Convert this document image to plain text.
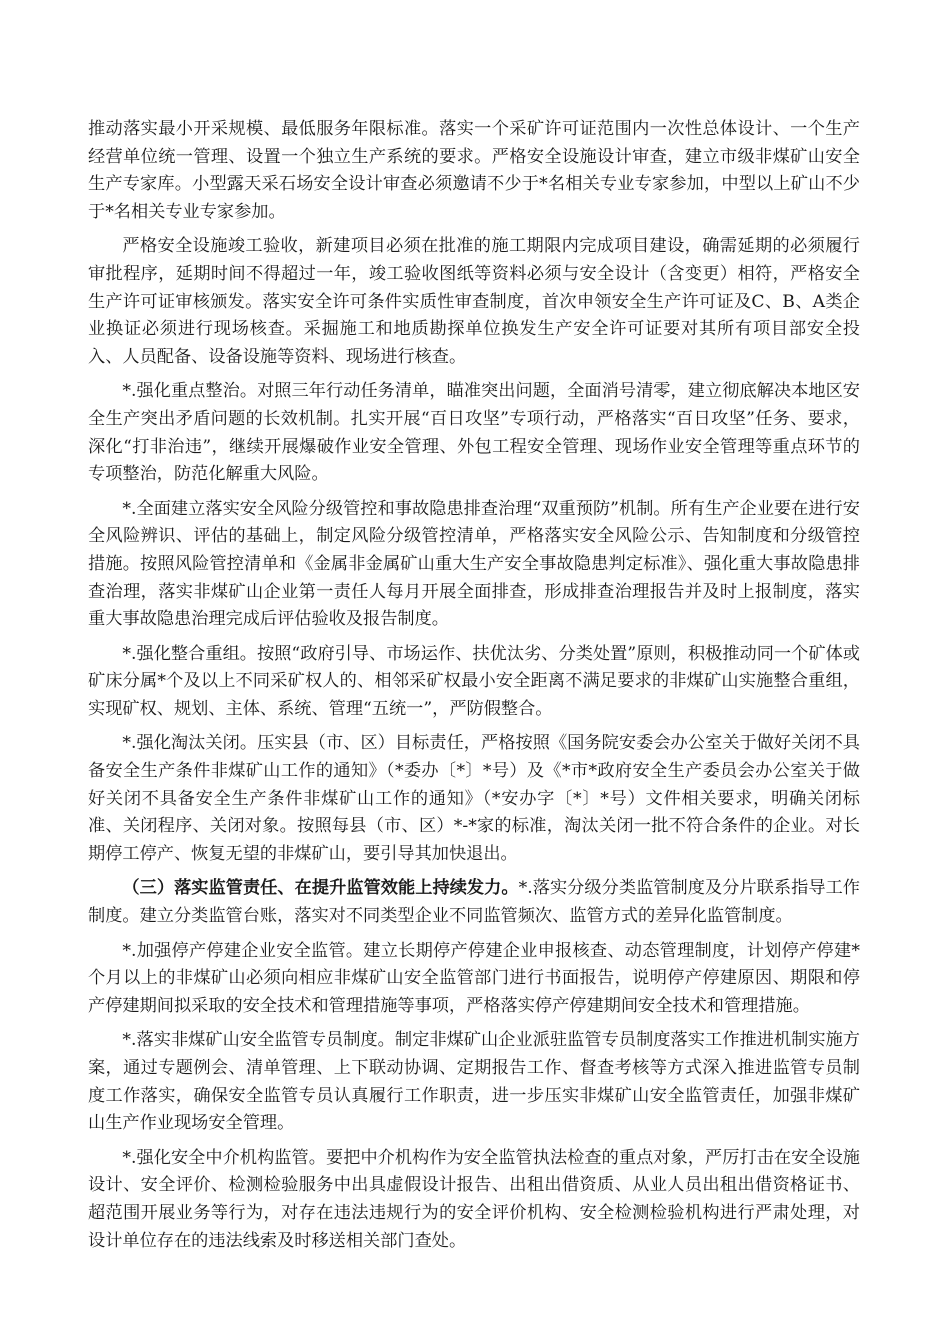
推动落实最小开采规模、最低服务年限标准。落实一个采矿许可证范围内一次性总体设计、一个生产经营单位统一管理、设置一个独立生产系统的要求。严格安全设施设计审查，建立市级非煤矿山安全生产专家库。小型露天采石场安全设计审查必须邀请不少于*名相关专业专家参加，中型以上矿山不少于*名相关专业专家参加。

严格安全设施竣工验收，新建项目必须在批准的施工期限内完成项目建设，确需延期的必须履行审批程序，延期时间不得超过一年，竣工验收图纸等资料必须与安全设计（含变更）相符，严格安全生产许可证审核颁发。落实安全许可条件实质性审查制度，首次申领安全生产许可证及C、B、A类企业换证必须进行现场核查。采掘施工和地质勘探单位换发生产安全许可证要对其所有项目部安全投入、人员配备、设备设施等资料、现场进行核查。

*.强化重点整治。对照三年行动任务清单，瞄准突出问题，全面消号清零，建立彻底解决本地区安全生产突出矛盾问题的长效机制。扎实开展“百日攻坚”专项行动，严格落实“百日攻坚”任务、要求，深化“打非治违”，继续开展爆破作业安全管理、外包工程安全管理、现场作业安全管理等重点环节的专项整治，防范化解重大风险。

*.全面建立落实安全风险分级管控和事故隐患排查治理“双重预防”机制。所有生产企业要在进行安全风险辨识、评估的基础上，制定风险分级管控清单，严格落实安全风险公示、告知制度和分级管控措施。按照风险管控清单和《金属非金属矿山重大生产安全事故隐患判定标准》、强化重大事故隐患排查治理，落实非煤矿山企业第一责任人每月开展全面排查，形成排查治理报告并及时上报制度，落实重大事故隐患治理完成后评估验收及报告制度。

*.强化整合重组。按照“政府引导、市场运作、扶优汰劣、分类处置”原则，积极推动同一个矿体或矿床分属*个及以上不同采矿权人的、相邻采矿权最小安全距离不满足要求的非煤矿山实施整合重组，实现矿权、规划、主体、系统、管理“五统一”，严防假整合。

*.强化淘汰关闭。压实县（市、区）目标责任，严格按照《国务院安委会办公室关于做好关闭不具备安全生产条件非煤矿山工作的通知》（*委办〔*〕*号）及《*市*政府安全生产委员会办公室关于做好关闭不具备安全生产条件非煤矿山工作的通知》（*安办字〔*〕*号）文件相关要求，明确关闭标准、关闭程序、关闭对象。按照每县（市、区）*-*家的标准，淘汰关闭一批不符合条件的企业。对长期停工停产、恢复无望的非煤矿山，要引导其加快退出。

（三）落实监管责任、在提升监管效能上持续发力。*.落实分级分类监管制度及分片联系指导工作制度。建立分类监管台账，落实对不同类型企业不同监管频次、监管方式的差异化监管制度。

*.加强停产停建企业安全监管。建立长期停产停建企业申报核查、动态管理制度，计划停产停建*个月以上的非煤矿山必须向相应非煤矿山安全监管部门进行书面报告，说明停产停建原因、期限和停产停建期间拟采取的安全技术和管理措施等事项，严格落实停产停建期间安全技术和管理措施。

*.落实非煤矿山安全监管专员制度。制定非煤矿山企业派驻监管专员制度落实工作推进机制实施方案，通过专题例会、清单管理、上下联动协调、定期报告工作、督查考核等方式深入推进监管专员制度工作落实，确保安全监管专员认真履行工作职责，进一步压实非煤矿山安全监管责任，加强非煤矿山生产作业现场安全管理。

*.强化安全中介机构监管。要把中介机构作为安全监管执法检查的重点对象，严厉打击在安全设施设计、安全评价、检测检验服务中出具虚假设计报告、出租出借资质、从业人员出租出借资格证书、超范围开展业务等行为，对存在违法违规行为的安全评价机构、安全检测检验机构进行严肃处理，对设计单位存在的违法线索及时移送相关部门查处。
